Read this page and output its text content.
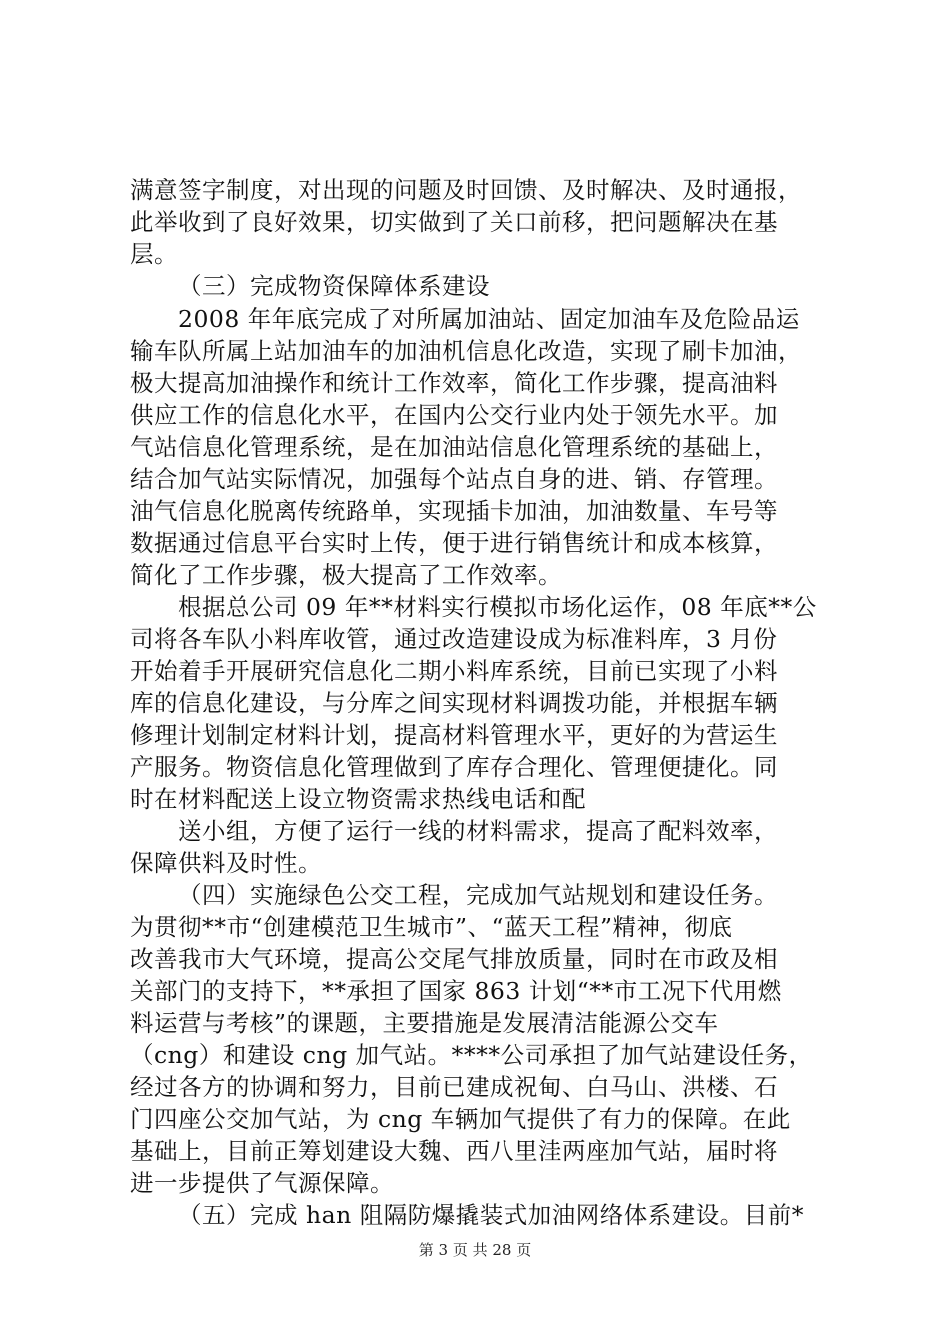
满意签字制度，对出现的问题及时回馈、及时解决、及时通报，
此举收到了良好效果，切实做到了关口前移，把问题解决在基
层。
（三）完成物资保障体系建设
2008 年年底完成了对所属加油站、固定加油车及危险品运
输车队所属上站加油车的加油机信息化改造，实现了刷卡加油，
极大提高加油操作和统计工作效率，简化工作步骤，提高油料
供应工作的信息化水平，在国内公交行业内处于领先水平。加
气站信息化管理系统，是在加油站信息化管理系统的基础上，
结合加气站实际情况，加强每个站点自身的进、销、存管理。
油气信息化脱离传统路单，实现插卡加油，加油数量、车号等
数据通过信息平台实时上传，便于进行销售统计和成本核算，
简化了工作步骤，极大提高了工作效率。
根据总公司 09 年**材料实行模拟市场化运作，08 年底**公
司将各车队小料库收管，通过改造建设成为标准料库，3 月份
开始着手开展研究信息化二期小料库系统，目前已实现了小料
库的信息化建设，与分库之间实现材料调拨功能，并根据车辆
修理计划制定材料计划，提高材料管理水平，更好的为营运生
产服务。物资信息化管理做到了库存合理化、管理便捷化。同
时在材料配送上设立物资需求热线电话和配
送小组，方便了运行一线的材料需求，提高了配料效率，
保障供料及时性。
（四）实施绿色公交工程，完成加气站规划和建设任务。
为贯彻**市“创建模范卫生城市”、“蓝天工程”精神，彻底
改善我市大气环境，提高公交尾气排放质量，同时在市政及相
关部门的支持下，**承担了国家 863 计划“**市工况下代用燃
料运营与考核”的课题，主要措施是发展清洁能源公交车
（cng）和建设 cng 加气站。****公司承担了加气站建设任务，
经过各方的协调和努力，目前已建成祝甸、白马山、洪楼、石
门四座公交加气站，为 cng 车辆加气提供了有力的保障。在此
基础上，目前正筹划建设大魏、西八里洼两座加气站，届时将
进一步提供了气源保障。
（五）完成 han 阻隔防爆撬装式加油网络体系建设。目前*
第 3 页 共 28 页
